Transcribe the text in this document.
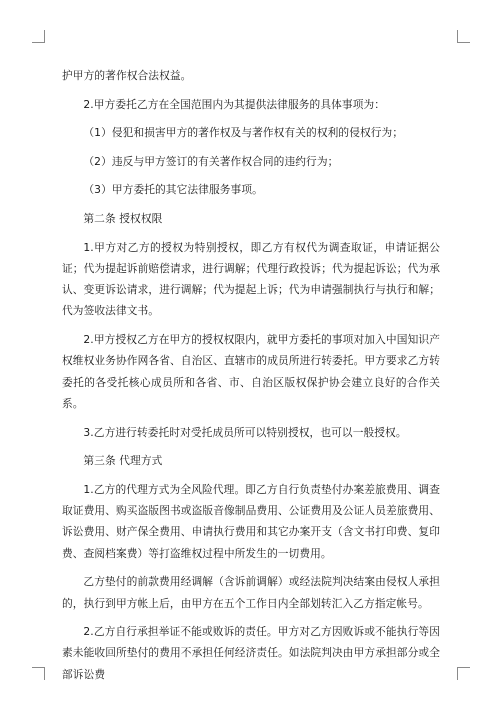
护甲方的著作权合法权益。

2.甲方委托乙方在全国范围内为其提供法律服务的具体事项为：

（1）侵犯和损害甲方的著作权及与著作权有关的权利的侵权行为；

（2）违反与甲方签订的有关著作权合同的违约行为；

（3）甲方委托的其它法律服务事项。

第二条 授权权限

1.甲方对乙方的授权为特别授权，即乙方有权代为调查取证，申请证据公证；代为提起诉前赔偿请求，进行调解；代理行政投诉；代为提起诉讼；代为承认、变更诉讼请求，进行调解；代为提起上诉；代为申请强制执行与执行和解；代为签收法律文书。

2.甲方授权乙方在甲方的授权权限内，就甲方委托的事项对加入中国知识产权维权业务协作网各省、自治区、直辖市的成员所进行转委托。甲方要求乙方转委托的各受托核心成员所和各省、市、自治区版权保护协会建立良好的合作关系。

3.乙方进行转委托时对受托成员所可以特别授权，也可以一般授权。

第三条 代理方式

1.乙方的代理方式为全风险代理。即乙方自行负责垫付办案差旅费用、调查取证费用、购买盗版图书或盗版音像制品费用、公证费用及公证人员差旅费用、诉讼费用、财产保全费用、申请执行费用和其它办案开支（含文书打印费、复印费、查阅档案费）等打盗维权过程中所发生的一切费用。

乙方垫付的前款费用经调解（含诉前调解）或经法院判决结案由侵权人承担的，执行到甲方帐上后，由甲方在五个工作日内全部划转汇入乙方指定帐号。

2.乙方自行承担举证不能或败诉的责任。甲方对乙方因败诉或不能执行等因素未能收回所垫付的费用不承担任何经济责任。如法院判决由甲方承担部分或全部诉讼费
